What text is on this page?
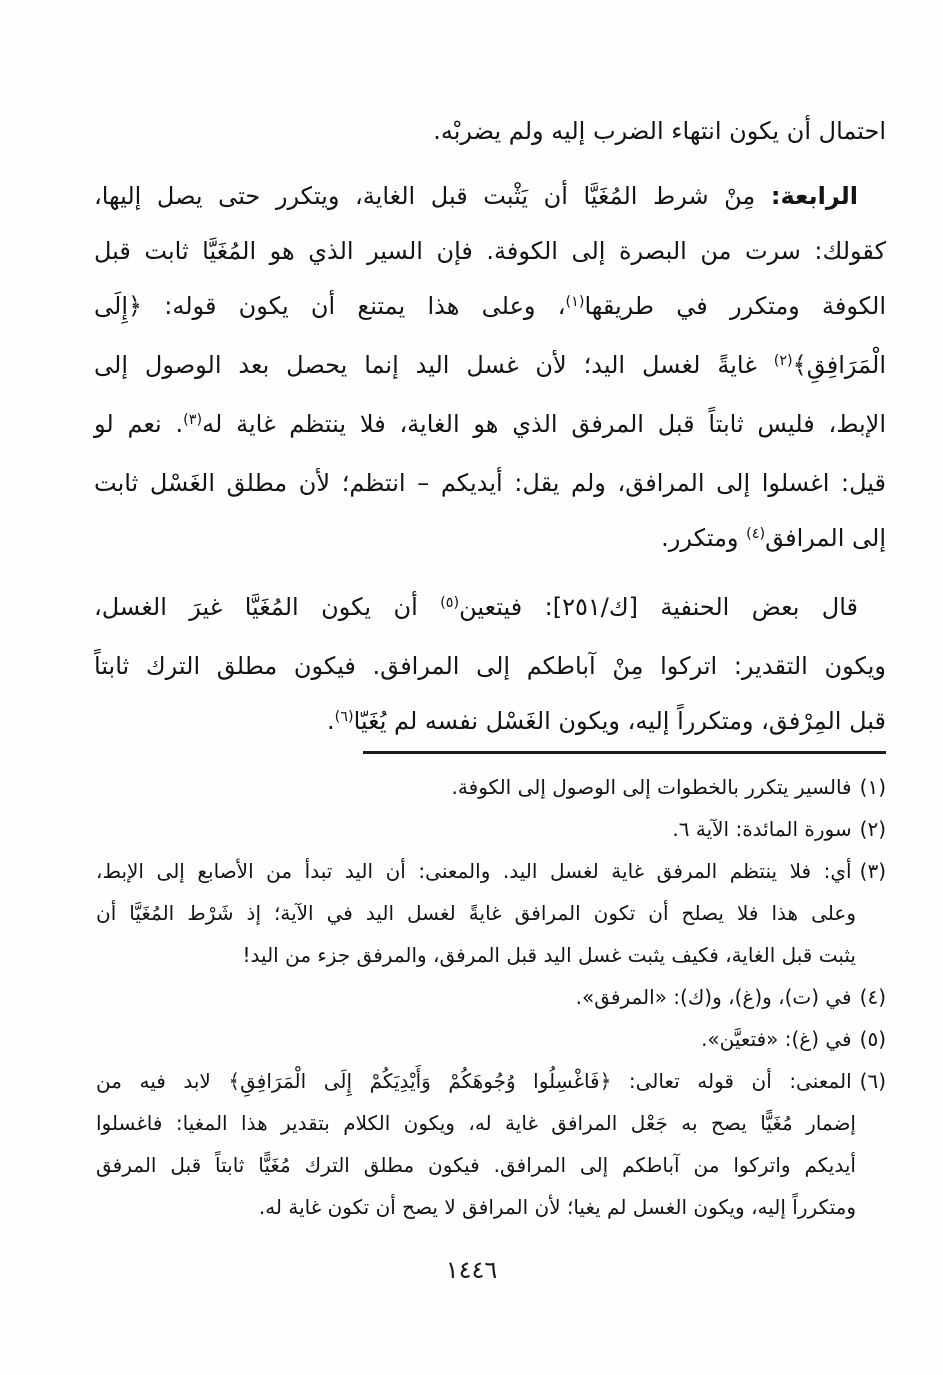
احتمال أن يكون انتهاء الضرب إليه ولم يضربْه.
الرابعة: مِنْ شرط المُغَيَّا أن يَثْبت قبل الغاية، ويتكرر حتى يصل إليها،
كقولك: سرت من البصرة إلى الكوفة. فإن السير الذي هو المُغَيَّا ثابت قبل
الكوفة ومتكرر في طريقها$^{(١)}$، وعلى هذا يمتنع أن يكون قوله: ﴿إِلَى
الْمَرَافِقِ﴾$^{(٢)}$ غايةً لغسل اليد؛ لأن غسل اليد إنما يحصل بعد الوصول إلى
الإبط، فليس ثابتاً قبل المرفق الذي هو الغاية، فلا ينتظم غاية له$^{(٣)}$. نعم لو
قيل: اغسلوا إلى المرافق، ولم يقل: أيديكم – انتظم؛ لأن مطلق الغَسْل ثابت
إلى المرافق$^{(٤)}$ ومتكرر.
قال بعض الحنفية [ك/٢٥١]: فيتعين$^{(٥)}$ أن يكون المُغَيَّا غيرَ الغسل،
ويكون التقدير: اتركوا مِنْ آباطكم إلى المرافق. فيكون مطلق الترك ثابتاً
قبل المِرْفق، ومتكرراً إليه، ويكون الغَسْل نفسه لم يُغَيّا$^{(٦)}$.
(١)فالسير يتكرر بالخطوات إلى الوصول إلى الكوفة.
(٢)سورة المائدة: الآية ٦.
(٣)أي: فلا ينتظم المرفق غاية لغسل اليد. والمعنى: أن اليد تبدأ من الأصابع إلى الإبط،
وعلى هذا فلا يصلح أن تكون المرافق غايةً لغسل اليد في الآية؛ إذ شَرْط المُغَيَّا أن
يثبت قبل الغاية، فكيف يثبت غسل اليد قبل المرفق، والمرفق جزء من اليد!
(٤)في (ت)، و(غ)، و(ك): «المرفق».
(٥)في (غ): «فتعيَّن».
(٦)المعنى: أن قوله تعالى: ﴿فَاغْسِلُوا وُجُوهَكُمْ وَأَيْدِيَكُمْ إِلَى الْمَرَافِقِ﴾ لابد فيه من
إضمار مُغَيًّا يصح به جَعْل المرافق غاية له، ويكون الكلام بتقدير هذا المغيا: فاغسلوا
أيديكم واتركوا من آباطكم إلى المرافق. فيكون مطلق الترك مُغَيًّا ثابتاً قبل المرفق
ومتكرراً إليه، ويكون الغسل لم يغيا؛ لأن المرافق لا يصح أن تكون غاية له.
١٤٤٦
